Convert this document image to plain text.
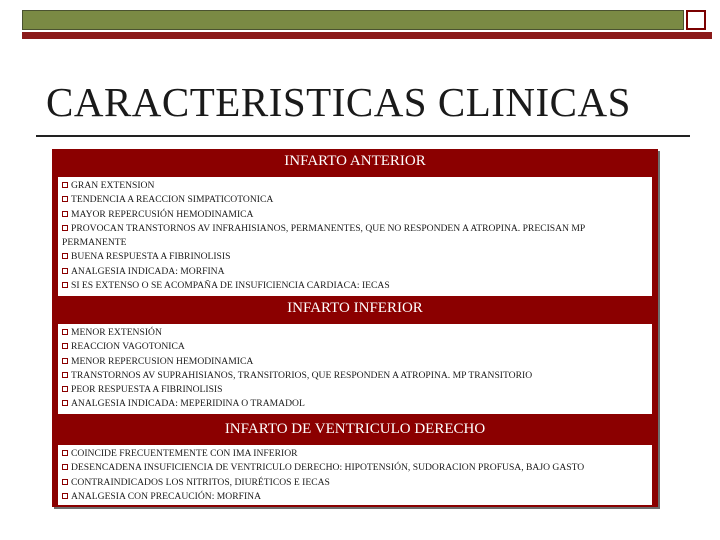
CARACTERISTICAS CLINICAS
INFARTO ANTERIOR
GRAN EXTENSION
TENDENCIA A REACCION SIMPATICOTONICA
MAYOR REPERCUSIÓN HEMODINAMICA
PROVOCAN TRANSTORNOS AV INFRAHISIANOS, PERMANENTES, QUE NO RESPONDEN A ATROPINA. PRECISAN MP PERMANENTE
BUENA RESPUESTA A FIBRINOLISIS
ANALGESIA INDICADA: MORFINA
SI ES EXTENSO O SE ACOMPAÑA DE INSUFICIENCIA CARDIACA: IECAS
INFARTO INFERIOR
MENOR EXTENSIÓN
REACCION VAGOTONICA
MENOR REPERCUSION HEMODINAMICA
TRANSTORNOS AV SUPRAHISIANOS, TRANSITORIOS, QUE RESPONDEN A ATROPINA. MP TRANSITORIO
PEOR RESPUESTA A FIBRINOLISIS
ANALGESIA INDICADA: MEPERIDINA O TRAMADOL
INFARTO DE VENTRICULO DERECHO
COINCIDE FRECUENTEMENTE CON IMA INFERIOR
DESENCADENA INSUFICIENCIA DE VENTRICULO DERECHO: HIPOTENSIÓN, SUDORACION PROFUSA, BAJO GASTO
CONTRAINDICADOS LOS NITRITOS, DIURÉTICOS E IECAS
ANALGESIA CON PRECAUCIÓN: MORFINA
